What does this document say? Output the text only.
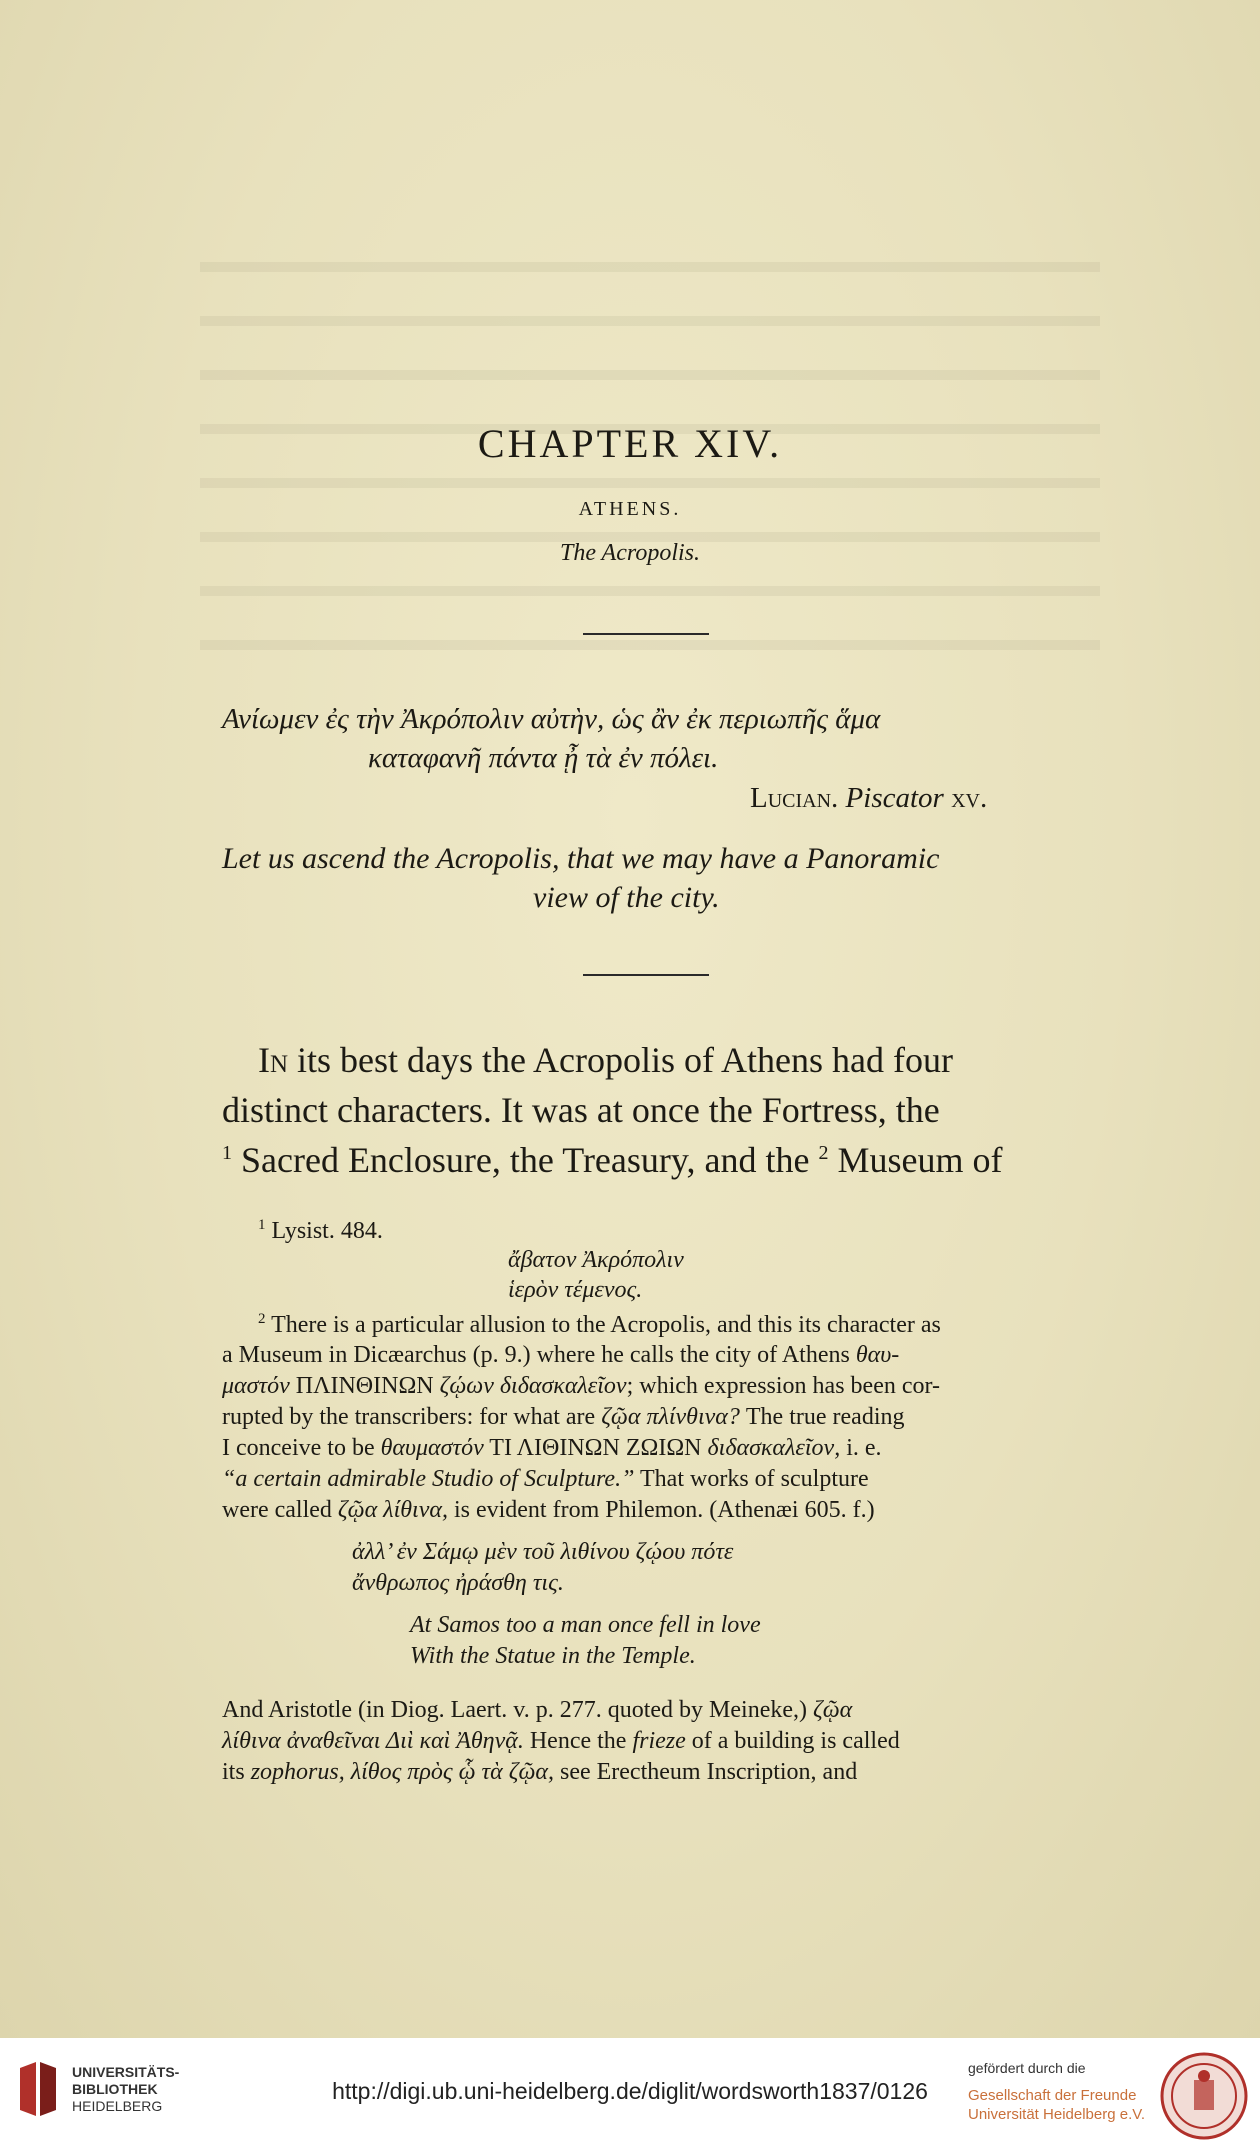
CHAPTER XIV.
ATHENS.
The Acropolis.
Ανίωμεν ἐς τὴν Ἀκρόπολιν αὐτὴν, ὡς ἂν ἐκ περιωπῆς ἅμα
καταφανῆ πάντα ᾖ τὰ ἐν πόλει.
Lucian. Piscator xv.
Let us ascend the Acropolis, that we may have a Panoramic
view of the city.
In its best days the Acropolis of Athens had four
distinct characters. It was at once the Fortress, the
$^1$ Sacred Enclosure, the Treasury, and the $^2$ Museum of
$^1$ Lysist. 484.
ἄβατον Ἀκρόπολιν
ἱερὸν τέμενος.
$^2$ There is a particular allusion to the Acropolis, and this its character as
a Museum in Dicæarchus (p. 9.) where he calls the city of Athens θαυ-
μαστόν ΠΛΙΝΘΙΝΩΝ ζῴων διδασκαλεῖον; which expression has been cor-
rupted by the transcribers: for what are ζῷα πλίνθινα? The true reading
I conceive to be θαυμαστόν ΤΙ ΛΙΘΙΝΩΝ ΖΩΙΩΝ διδασκαλεῖον, i. e.
“a certain admirable Studio of Sculpture.” That works of sculpture
were called ζῷα λίθινα, is evident from Philemon. (Athenæi 605. f.)
ἀλλ’ ἐν Σάμῳ μὲν τοῦ λιθίνου ζῴου πότε
ἄνθρωπος ἠράσθη τις.
At Samos too a man once fell in love
With the Statue in the Temple.
And Aristotle (in Diog. Laert. v. p. 277. quoted by Meineke,) ζῷα
λίθινα ἀναθεῖναι Διὶ καὶ Ἀθηνᾷ. Hence the frieze of a building is called
its zophorus, λίθος πρὸς ᾧ τὰ ζῷα, see Erectheum Inscription, and
UNIVERSITÄTS-
BIBLIOTHEK
HEIDELBERG
http://digi.ub.uni-heidelberg.de/diglit/wordsworth1837/0126
gefördert durch die
Gesellschaft der Freunde
Universität Heidelberg e.V.
